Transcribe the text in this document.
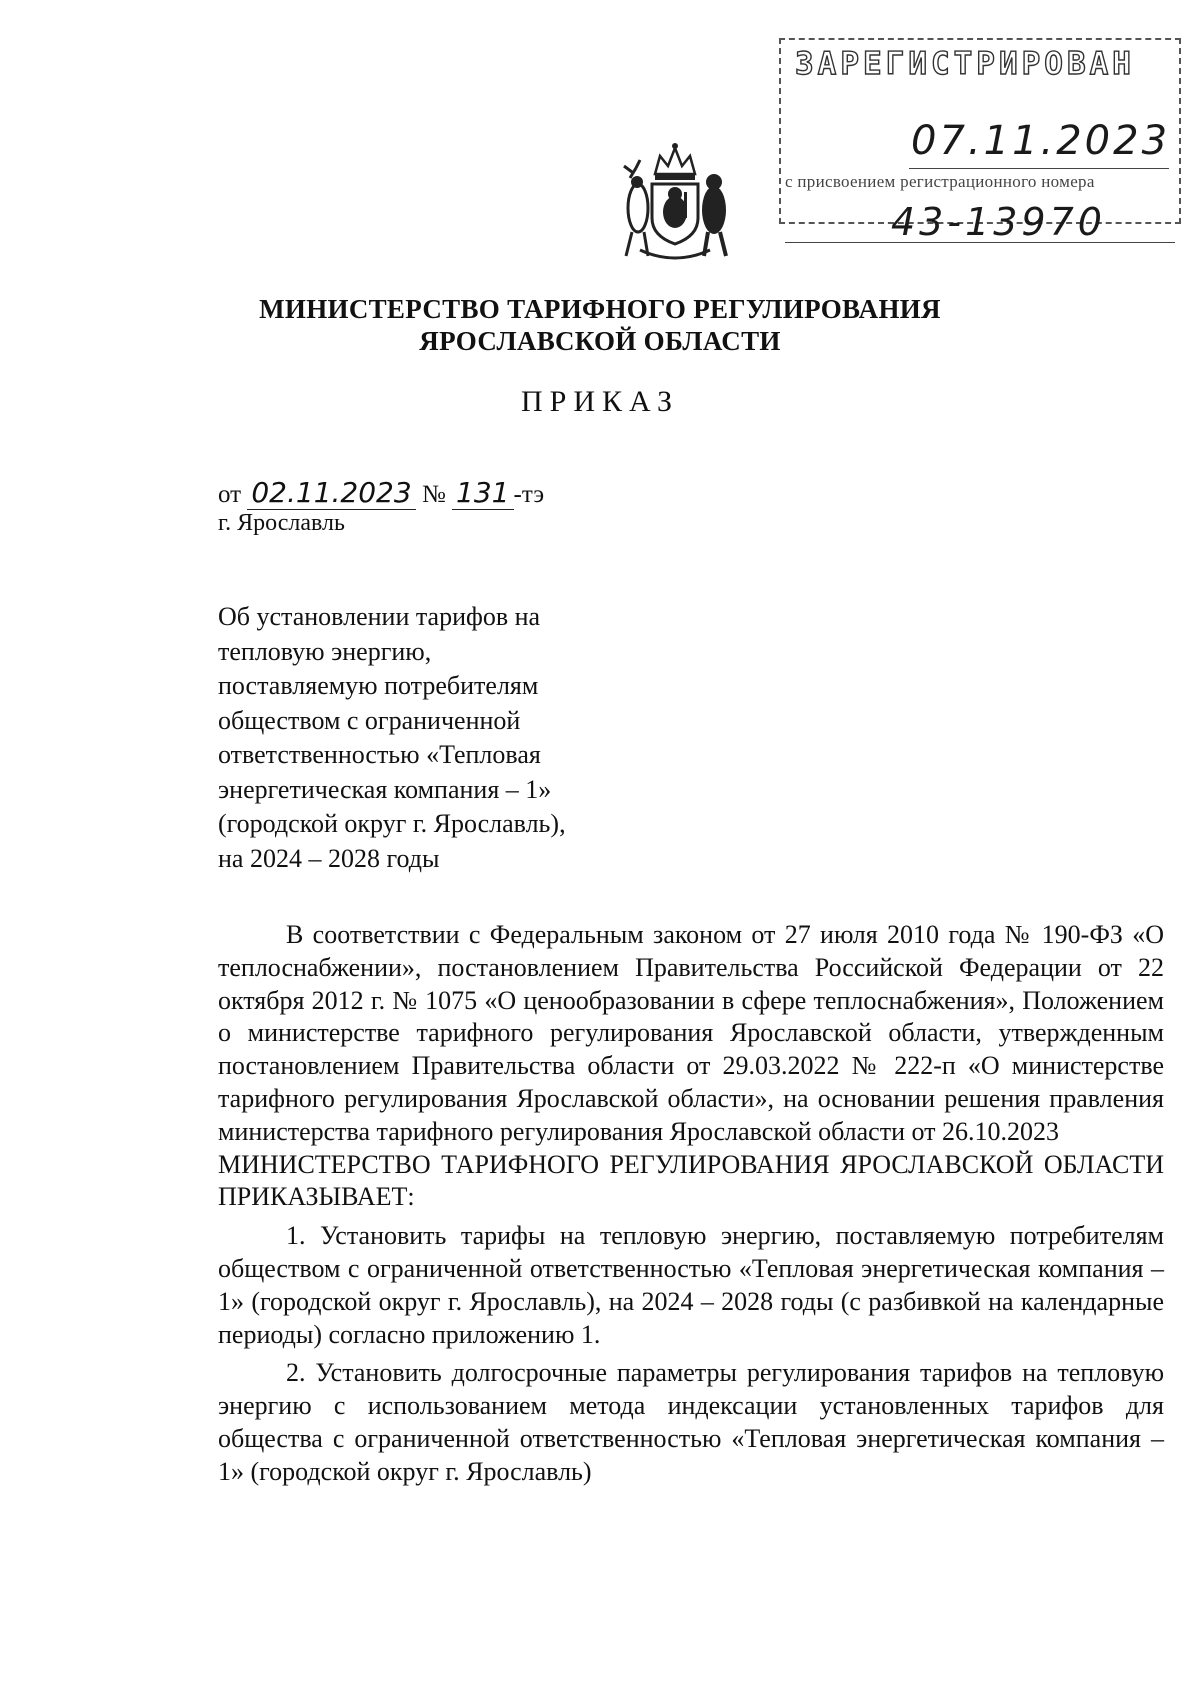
ЗАРЕГИСТРИРОВАН
07.11.2023
с присвоением регистрационного номера
43-13970
МИНИСТЕРСТВО ТАРИФНОГО РЕГУЛИРОВАНИЯ
ЯРОСЛАВСКОЙ ОБЛАСТИ
ПРИКАЗ
от 02.11.2023 № 131 -тэ
г. Ярославль
Об установлении тарифов на
тепловую энергию,
поставляемую потребителям
обществом с ограниченной
ответственностью «Тепловая
энергетическая компания – 1»
(городской округ г. Ярославль),
на 2024 – 2028 годы

В соответствии с Федеральным законом от 27 июля 2010 года № 190-ФЗ «О теплоснабжении», постановлением Правительства Российской Федерации от 22 октября 2012 г. № 1075 «О ценообразовании в сфере теплоснабжения», Положением о министерстве тарифного регулирования Ярославской области, утвержденным постановлением Правительства области от 29.03.2022 № 222-п «О министерстве тарифного регулирования Ярославской области», на основании решения правления министерства тарифного регулирования Ярославской области от 26.10.2023

МИНИСТЕРСТВО ТАРИФНОГО РЕГУЛИРОВАНИЯ ЯРОСЛАВСКОЙ ОБЛАСТИ ПРИКАЗЫВАЕТ:

1. Установить тарифы на тепловую энергию, поставляемую потребителям обществом с ограниченной ответственностью «Тепловая энергетическая компания – 1» (городской округ г. Ярославль), на 2024 – 2028 годы (с разбивкой на календарные периоды) согласно приложению 1.

2. Установить долгосрочные параметры регулирования тарифов на тепловую энергию с использованием метода индексации установленных тарифов для общества с ограниченной ответственностью «Тепловая энергетическая компания – 1» (городской округ г. Ярославль)
